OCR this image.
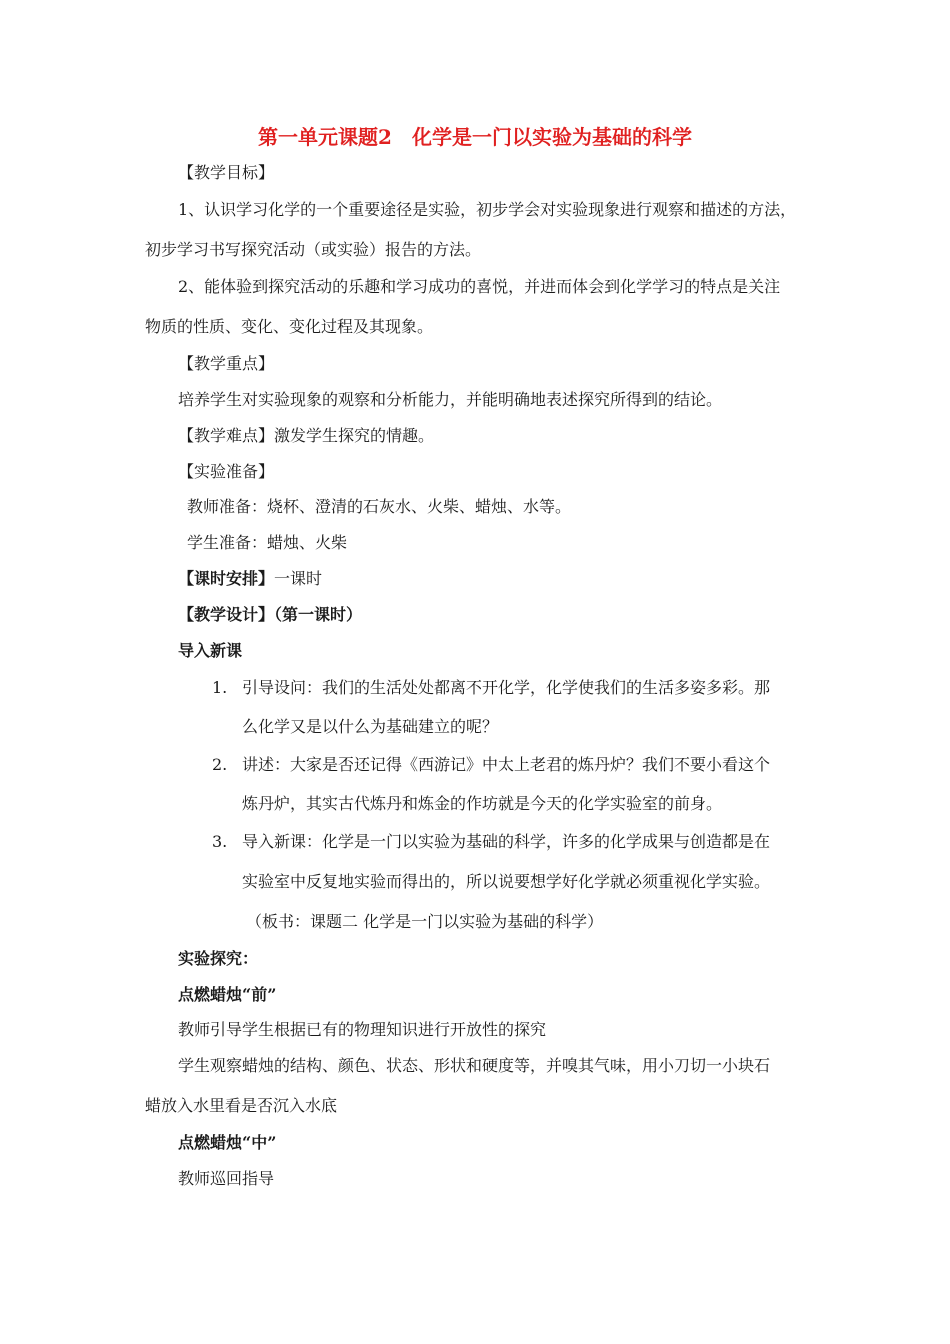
第一单元课题2　化学是一门以实验为基础的科学
【教学目标】
1、认识学习化学的一个重要途径是实验，初步学会对实验现象进行观察和描述的方法，
初步学习书写探究活动（或实验）报告的方法。
2、能体验到探究活动的乐趣和学习成功的喜悦，并进而体会到化学学习的特点是关注
物质的性质、变化、变化过程及其现象。
【教学重点】
培养学生对实验现象的观察和分析能力，并能明确地表述探究所得到的结论。
【教学难点】激发学生探究的情趣。
【实验准备】
教师准备：烧杯、澄清的石灰水、火柴、蜡烛、水等。
学生准备：蜡烛、火柴
【课时安排】一课时
【教学设计】（第一课时）
导入新课
1. 引导设问：我们的生活处处都离不开化学，化学使我们的生活多姿多彩。那
么化学又是以什么为基础建立的呢？
2. 讲述：大家是否还记得《西游记》中太上老君的炼丹炉？我们不要小看这个
炼丹炉，其实古代炼丹和炼金的作坊就是今天的化学实验室的前身。
3. 导入新课：化学是一门以实验为基础的科学，许多的化学成果与创造都是在
实验室中反复地实验而得出的，所以说要想学好化学就必须重视化学实验。
（板书：课题二 化学是一门以实验为基础的科学）
实验探究：
点燃蜡烛“前”
教师引导学生根据已有的物理知识进行开放性的探究
学生观察蜡烛的结构、颜色、状态、形状和硬度等，并嗅其气味，用小刀切一小块石
蜡放入水里看是否沉入水底
点燃蜡烛“中”
教师巡回指导
